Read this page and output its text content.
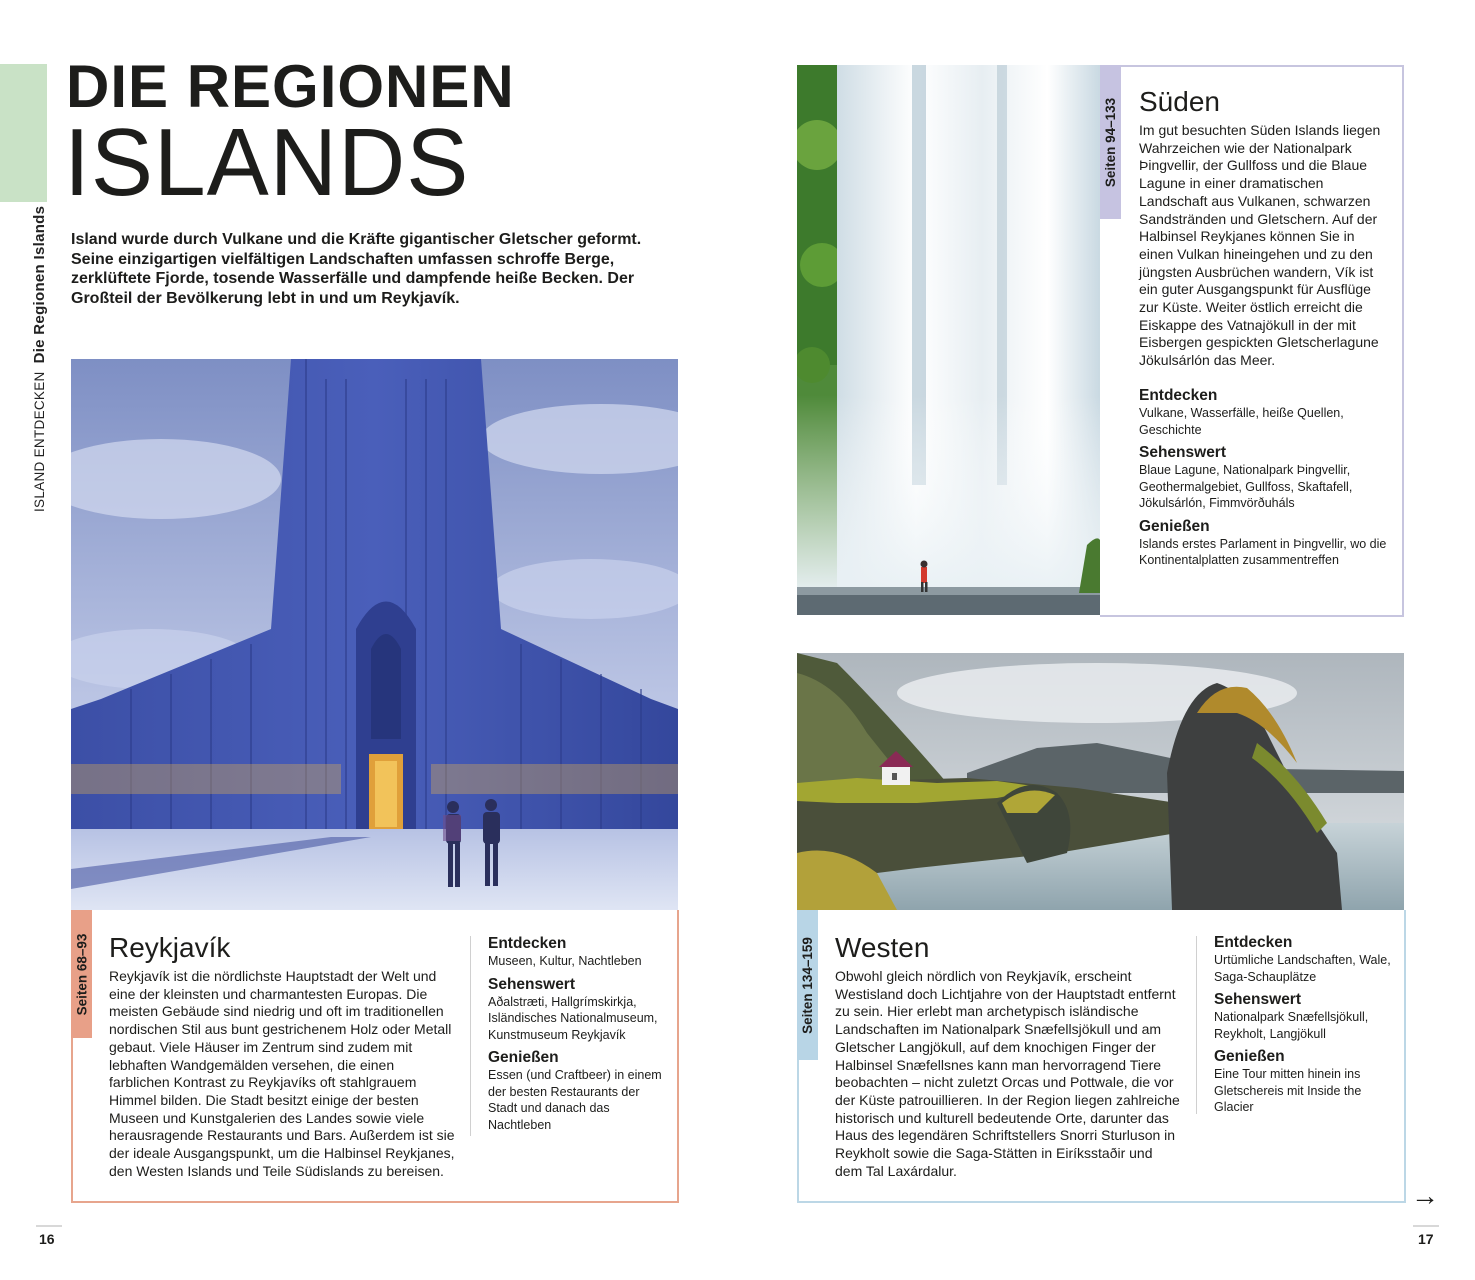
ISLAND ENTDECKENDie Regionen Islands
DIE REGIONEN
ISLANDS
Island wurde durch Vulkane und die Kräfte gigantischer Gletscher geformt. Seine einzigartigen vielfältigen Landschaften umfassen schroffe Berge, zerklüftete Fjorde, tosende Wasserfälle und dampfende heiße Becken. Der Großteil der Bevölkerung lebt in und um Reykjavík.
Seiten 68–93 Reykjavík
Reykjavík ist die nördlichste Hauptstadt der Welt und eine der kleinsten und charmantesten Europas. Die meisten Gebäude sind niedrig und oft im traditionellen nordischen Stil aus bunt gestrichenem Holz oder Metall gebaut. Viele Häuser im Zentrum sind zudem mit lebhaften Wandgemälden versehen, die einen farblichen Kontrast zu Reykjavíks oft stahlgrauem Himmel bilden. Die Stadt besitzt einige der besten Museen und Kunstgalerien des Landes sowie viele herausragende Restaurants und Bars. Außerdem ist sie der ideale Ausgangspunkt, um die Halbinsel Reykjanes, den Westen Islands und Teile Südislands zu bereisen.
Entdecken
Museen, Kultur, Nachtleben
Sehenswert
Aðalstræti, Hallgrímskirkja, Isländisches Nationalmuseum, Kunstmuseum Reykjavík
Genießen
Essen (und Craftbeer) in einem der besten Restaurants der Stadt und danach das Nachtleben
16
Seiten 94–133 Süden
Im gut besuchten Süden Islands liegen Wahrzeichen wie der Nationalpark Þingvellir, der Gullfoss und die Blaue Lagune in einer dramatischen Landschaft aus Vulkanen, schwarzen Sandstränden und Gletschern. Auf der Halbinsel Reykjanes können Sie in einen Vulkan hineingehen und zu den jüngsten Ausbrüchen wandern, Vík ist ein guter Ausgangspunkt für Ausflüge zur Küste. Weiter östlich erreicht die Eiskappe des Vatnajökull in der mit Eisbergen gespickten Gletscherlagune Jökulsárlón das Meer.
Entdecken
Vulkane, Wasserfälle, heiße Quellen, Geschichte
Sehenswert
Blaue Lagune, Nationalpark Þingvellir, Geothermalgebiet, Gullfoss, Skaftafell, Jökulsárlón, Fimmvörðuháls
Genießen
Islands erstes Parlament in Þingvellir, wo die Kontinentalplatten zusammentreffen
Seiten 134–159 Westen
Obwohl gleich nördlich von Reykjavík, erscheint Westisland doch Lichtjahre von der Hauptstadt entfernt zu sein. Hier erlebt man archetypisch isländische Landschaften im Nationalpark Snæfellsjökull und am Gletscher Langjökull, auf dem knochigen Finger der Halbinsel Snæfellsnes kann man hervorragend Tiere beobachten – nicht zuletzt Orcas und Pottwale, die vor der Küste patrouillieren. In der Region liegen zahlreiche historisch und kulturell bedeutende Orte, darunter das Haus des legendären Schriftstellers Snorri Sturluson in Reykholt sowie die Saga-Stätten in Eiríksstaðir und dem Tal Laxárdalur.
Entdecken
Urtümliche Landschaften, Wale, Saga-Schauplätze
Sehenswert
Nationalpark Snæfellsjökull, Reykholt, Langjökull
Genießen
Eine Tour mitten hinein ins Gletschereis mit Inside the Glacier
→
17
